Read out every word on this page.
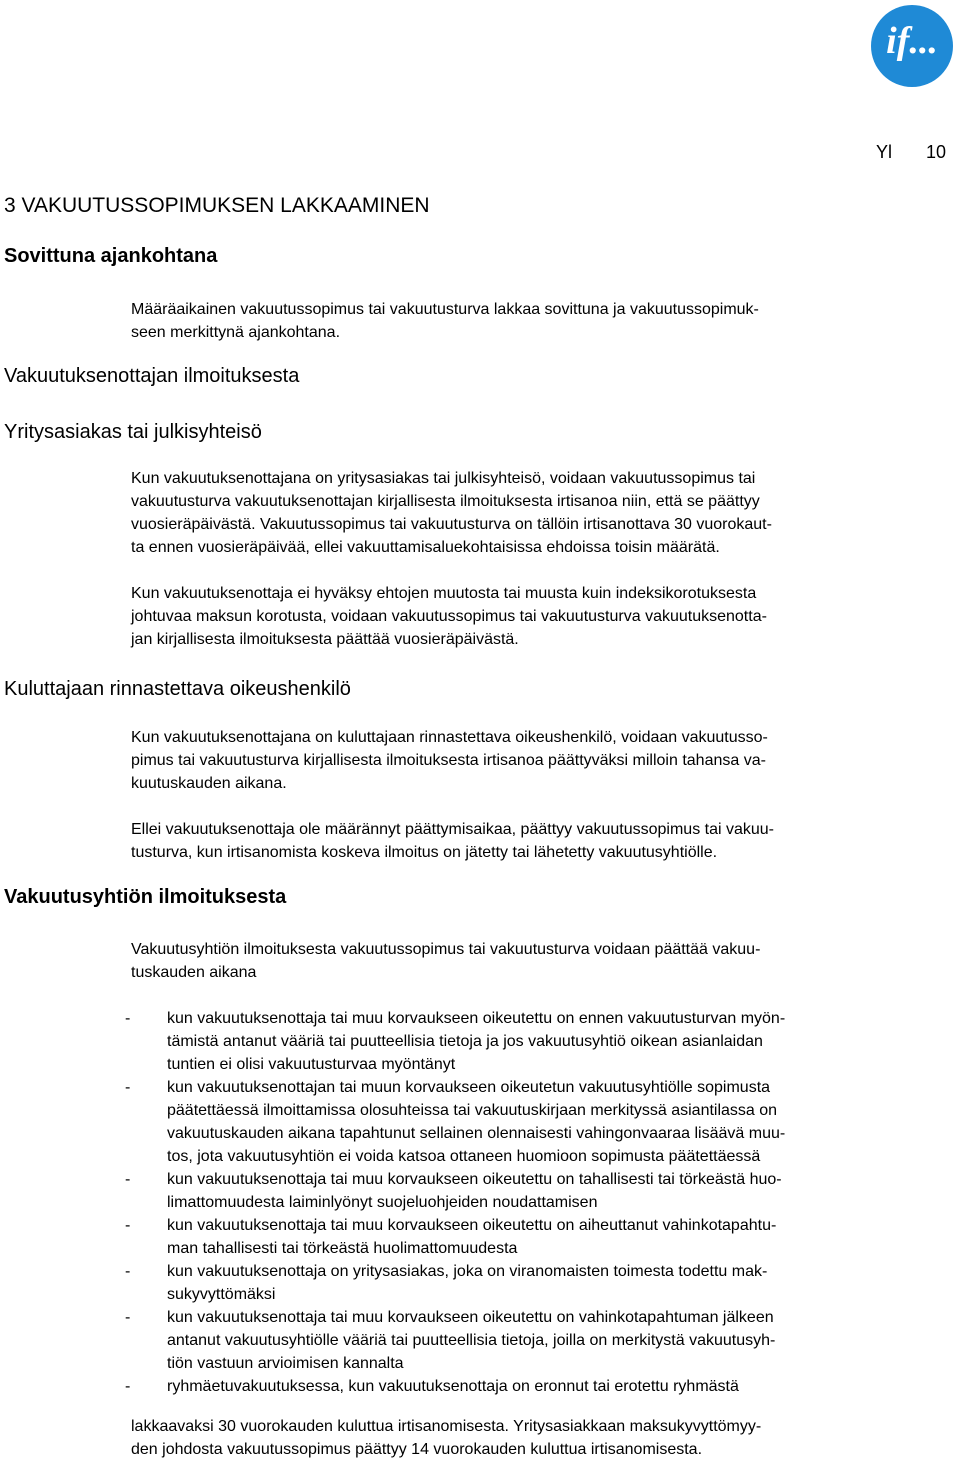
if...
Yl 10
3 VAKUUTUSSOPIMUKSEN LAKKAAMINEN
Sovittuna ajankohtana
Määräaikainen vakuutussopimus tai vakuutusturva lakkaa sovittuna ja vakuutussopimuk-
seen merkittynä ajankohtana.
Vakuutuksenottajan ilmoituksesta
Yritysasiakas tai julkisyhteisö
Kun vakuutuksenottajana on yritysasiakas tai julkisyhteisö, voidaan vakuutussopimus tai
vakuutusturva vakuutuksenottajan kirjallisesta ilmoituksesta irtisanoa niin, että se päättyy
vuosieräpäivästä. Vakuutussopimus tai vakuutusturva on tällöin irtisanottava 30 vuorokaut-
ta ennen vuosieräpäivää, ellei vakuuttamisaluekohtaisissa ehdoissa toisin määrätä.
Kun vakuutuksenottaja ei hyväksy ehtojen muutosta tai muusta kuin indeksikorotuksesta
johtuvaa maksun korotusta, voidaan vakuutussopimus tai vakuutusturva vakuutuksenotta-
jan kirjallisesta ilmoituksesta päättää vuosieräpäivästä.
Kuluttajaan rinnastettava oikeushenkilö
Kun vakuutuksenottajana on kuluttajaan rinnastettava oikeushenkilö, voidaan vakuutusso-
pimus tai vakuutusturva kirjallisesta ilmoituksesta irtisanoa päättyväksi milloin tahansa va-
kuutuskauden aikana.
Ellei vakuutuksenottaja ole määrännyt päättymisaikaa, päättyy vakuutussopimus tai vakuu-
tusturva, kun irtisanomista koskeva ilmoitus on jätetty tai lähetetty vakuutusyhtiölle.
Vakuutusyhtiön ilmoituksesta
Vakuutusyhtiön ilmoituksesta vakuutussopimus tai vakuutusturva voidaan päättää vakuu-
tuskauden aikana
- kun vakuutuksenottaja tai muu korvaukseen oikeutettu on ennen vakuutusturvan myön-
tämistä antanut vääriä tai puutteellisia tietoja ja jos vakuutusyhtiö oikean asianlaidan
tuntien ei olisi vakuutusturvaa myöntänyt
- kun vakuutuksenottajan tai muun korvaukseen oikeutetun vakuutusyhtiölle sopimusta
päätettäessä ilmoittamissa olosuhteissa tai vakuutuskirjaan merkityssä asiantilassa on
vakuutuskauden aikana tapahtunut sellainen olennaisesti vahingonvaaraa lisäävä muu-
tos, jota vakuutusyhtiön ei voida katsoa ottaneen huomioon sopimusta päätettäessä
- kun vakuutuksenottaja tai muu korvaukseen oikeutettu on tahallisesti tai törkeästä huo-
limattomuudesta laiminlyönyt suojeluohjeiden noudattamisen
- kun vakuutuksenottaja tai muu korvaukseen oikeutettu on aiheuttanut vahinkotapahtu-
man tahallisesti tai törkeästä huolimattomuudesta
- kun vakuutuksenottaja on yritysasiakas, joka on viranomaisten toimesta todettu mak-
sukyvyttömäksi
- kun vakuutuksenottaja tai muu korvaukseen oikeutettu on vahinkotapahtuman jälkeen
antanut vakuutusyhtiölle vääriä tai puutteellisia tietoja, joilla on merkitystä vakuutusyh-
tiön vastuun arvioimisen kannalta
- ryhmäetuvakuutuksessa, kun vakuutuksenottaja on eronnut tai erotettu ryhmästä
lakkaavaksi 30 vuorokauden kuluttua irtisanomisesta. Yritysasiakkaan maksukyvyttömyy-
den johdosta vakuutussopimus päättyy 14 vuorokauden kuluttua irtisanomisesta.
